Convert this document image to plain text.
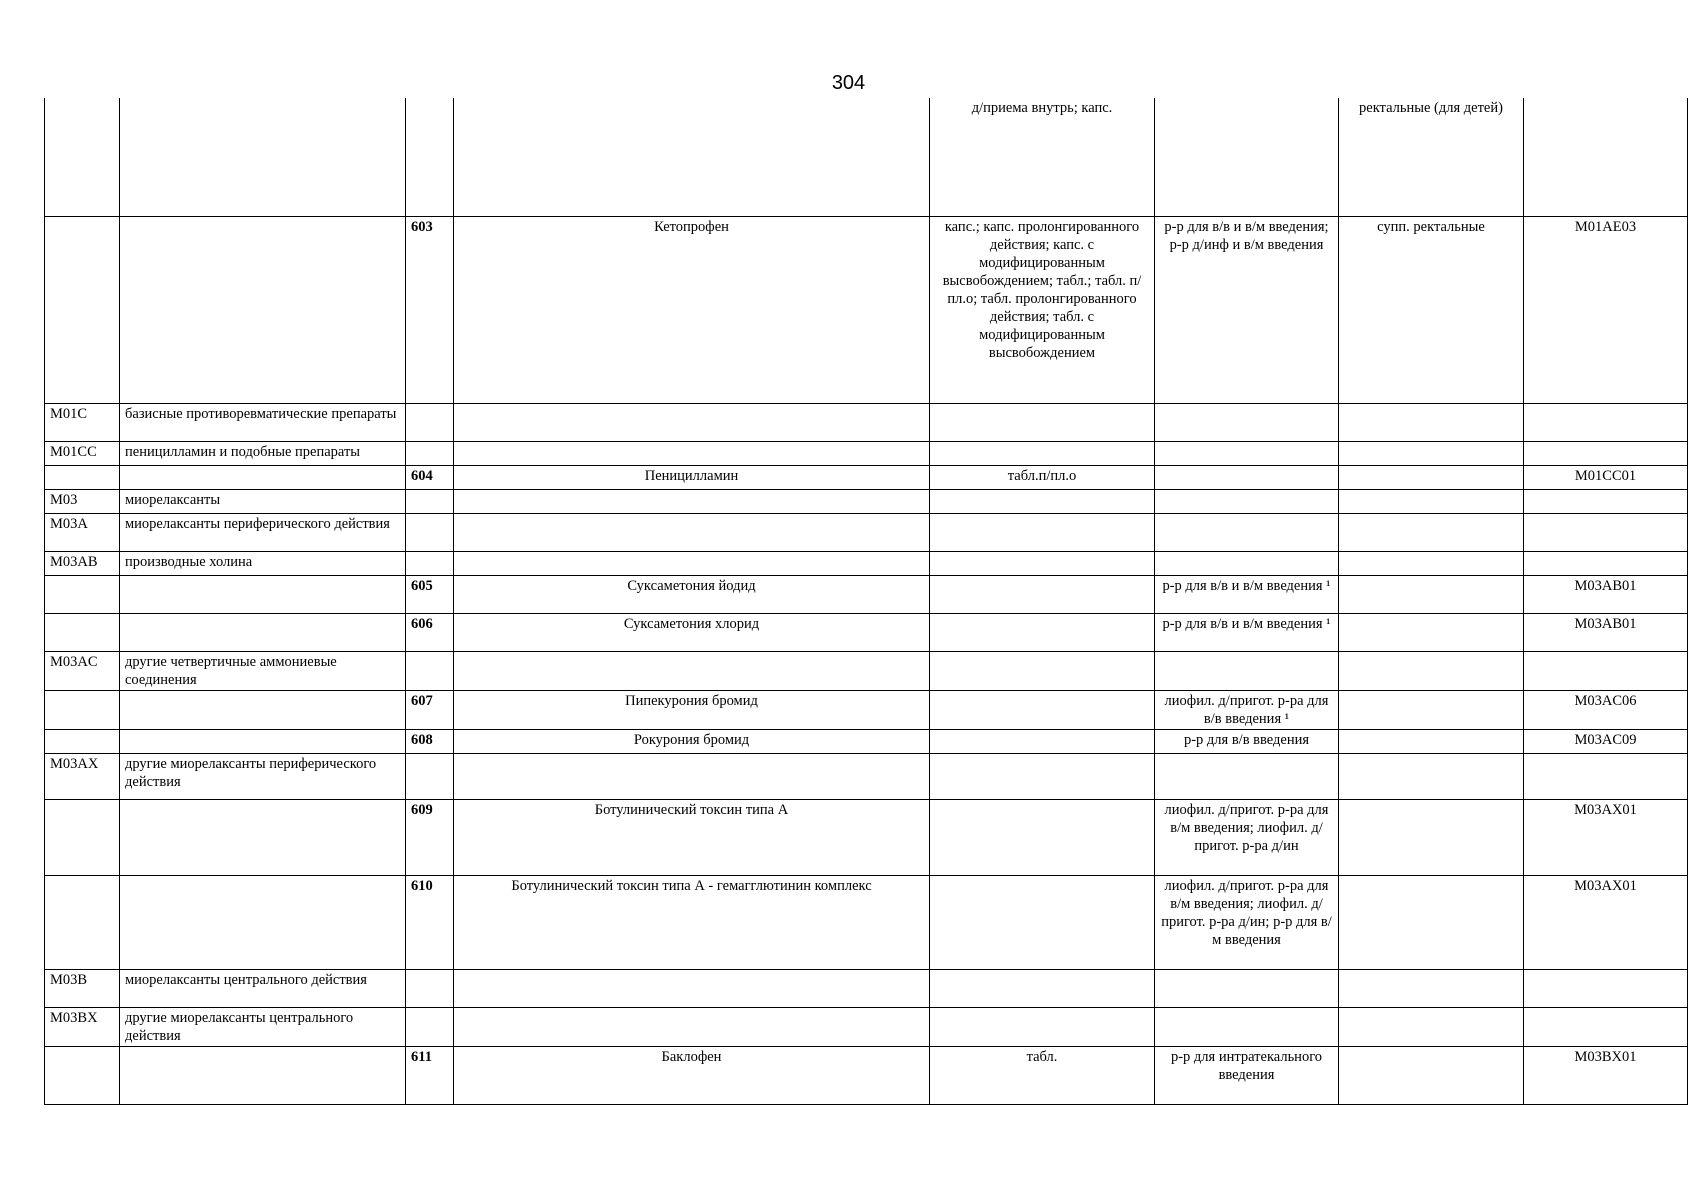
304
				д/приема внутрь; капс.		ректальные (для детей)	
		603	Кетопрофен	капс.; капс. пролонгированного действия; капс. с модифицированным высвобождением; табл.; табл. п/пл.о; табл. пролонгированного действия; табл. с модифицированным высвобождением	р-р для в/в и в/м введения; р-р д/инф и в/м введения	супп. ректальные	M01AE03
M01C	базисные противоревматические препараты						
M01CC	пеницилламин и подобные препараты						
		604	Пеницилламин	табл.п/пл.о			M01CC01
M03	миорелаксанты						
M03A	миорелаксанты периферического действия						
M03AB	производные холина						
		605	Суксаметония йодид		р-р для в/в и в/м введения ¹		M03AB01
		606	Суксаметония хлорид		р-р для в/в и в/м введения ¹		M03AB01
M03AC	другие четвертичные аммониевые соединения						
		607	Пипекурония бромид		лиофил. д/пригот. р-ра для в/в введения ¹		M03AC06
		608	Рокурония бромид		р-р для в/в введения		M03AC09
M03AX	другие миорелаксанты периферического действия						
		609	Ботулинический токсин типа А		лиофил. д/пригот. р-ра для в/м введения; лиофил. д/пригот. р-ра д/ин		M03AX01
		610	Ботулинический токсин типа А - гемагглютинин комплекс		лиофил. д/пригот. р-ра для в/м введения; лиофил. д/пригот. р-ра д/ин; р-р для в/м введения		M03AX01
M03B	миорелаксанты центрального действия						
M03BX	другие миорелаксанты центрального действия						
		611	Баклофен	табл.	р-р для интратекального введения		M03BX01
